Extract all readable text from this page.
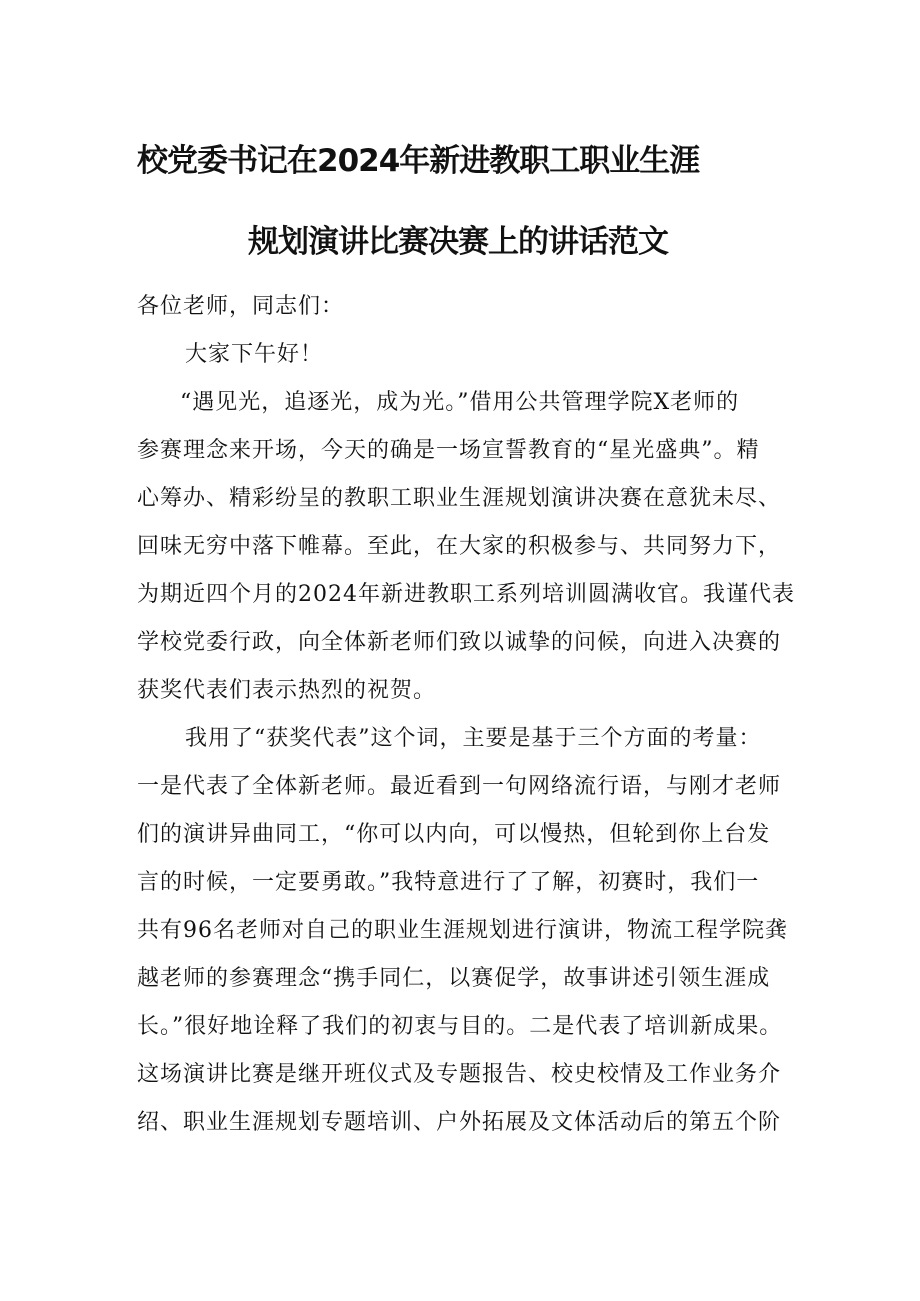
校党委书记在2024年新进教职工职业生涯
规划演讲比赛决赛上的讲话范文
各位老师，同志们：
大家下午好！
“遇见光，追逐光，成为光。”借用公共管理学院X老师的
参赛理念来开场，今天的确是一场宣誓教育的“星光盛典”。精
心筹办、精彩纷呈的教职工职业生涯规划演讲决赛在意犹未尽、
回味无穷中落下帷幕。至此，在大家的积极参与、共同努力下，
为期近四个月的2024年新进教职工系列培训圆满收官。我谨代表
学校党委行政，向全体新老师们致以诚挚的问候，向进入决赛的
获奖代表们表示热烈的祝贺。
我用了“获奖代表”这个词，主要是基于三个方面的考量：
一是代表了全体新老师。最近看到一句网络流行语，与刚才老师
们的演讲异曲同工，“你可以内向，可以慢热，但轮到你上台发
言的时候，一定要勇敢。”我特意进行了了解，初赛时，我们一
共有96名老师对自己的职业生涯规划进行演讲，物流工程学院龚
越老师的参赛理念“携手同仁，以赛促学，故事讲述引领生涯成
长。”很好地诠释了我们的初衷与目的。二是代表了培训新成果。
这场演讲比赛是继开班仪式及专题报告、校史校情及工作业务介
绍、职业生涯规划专题培训、户外拓展及文体活动后的第五个阶
